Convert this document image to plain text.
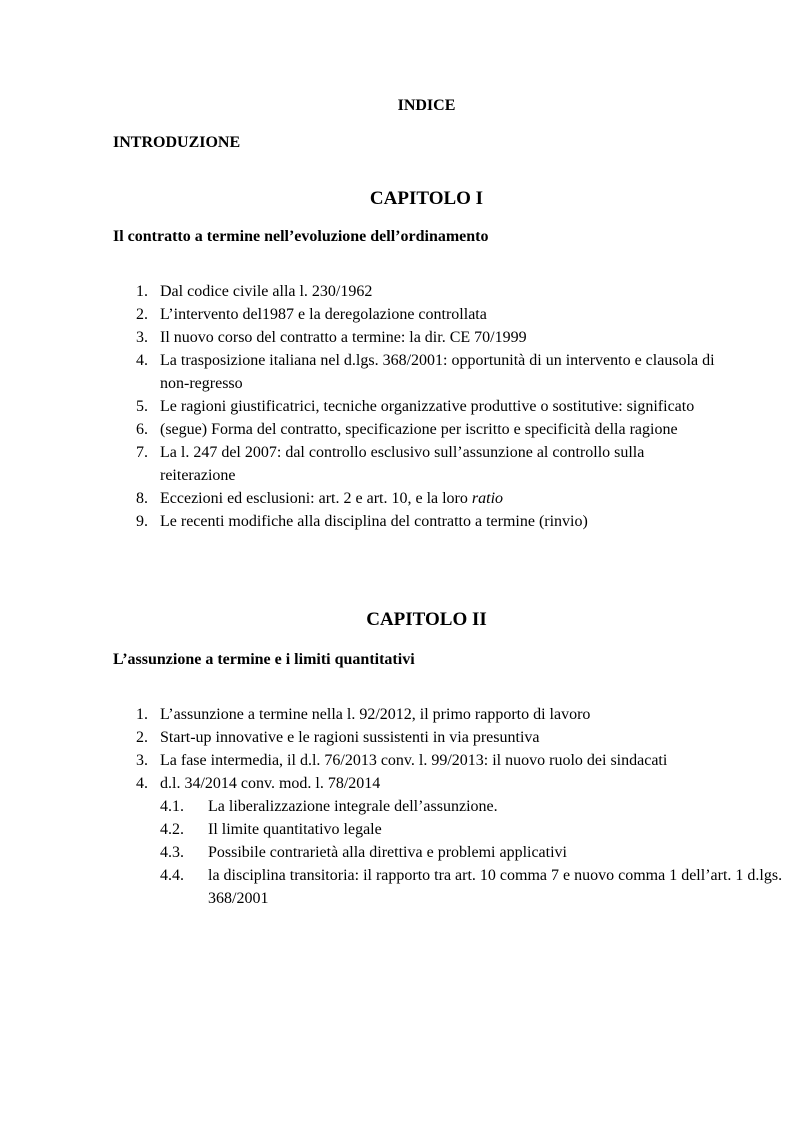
INDICE
INTRODUZIONE
CAPITOLO I
Il contratto a termine nell’evoluzione dell’ordinamento
1. Dal codice civile alla l. 230/1962
2. L’intervento del1987 e la deregolazione controllata
3. Il nuovo corso del contratto a termine: la dir. CE 70/1999
4. La trasposizione italiana nel d.lgs. 368/2001: opportunità di un intervento e clausola di non-regresso
5. Le ragioni giustificatrici, tecniche organizzative produttive o sostitutive: significato
6. (segue) Forma del contratto, specificazione per iscritto e specificità della ragione
7. La l. 247 del 2007: dal controllo esclusivo sull’assunzione al controllo sulla reiterazione
8. Eccezioni ed esclusioni: art. 2 e art. 10, e la loro ratio
9. Le recenti modifiche alla disciplina del contratto a termine (rinvio)
CAPITOLO II
L’assunzione a termine e i limiti quantitativi
1. L’assunzione a termine nella l. 92/2012, il primo rapporto di lavoro
2. Start-up innovative e le ragioni sussistenti in via presuntiva
3. La fase intermedia, il d.l. 76/2013 conv. l. 99/2013: il nuovo ruolo dei sindacati
4. d.l. 34/2014 conv. mod. l. 78/2014
4.1. La liberalizzazione integrale dell’assunzione.
4.2. Il limite quantitativo legale
4.3. Possibile contrarietà alla direttiva e problemi applicativi
4.4. la disciplina transitoria: il rapporto tra art. 10 comma 7 e nuovo comma 1 dell’art. 1 d.lgs. 368/2001
